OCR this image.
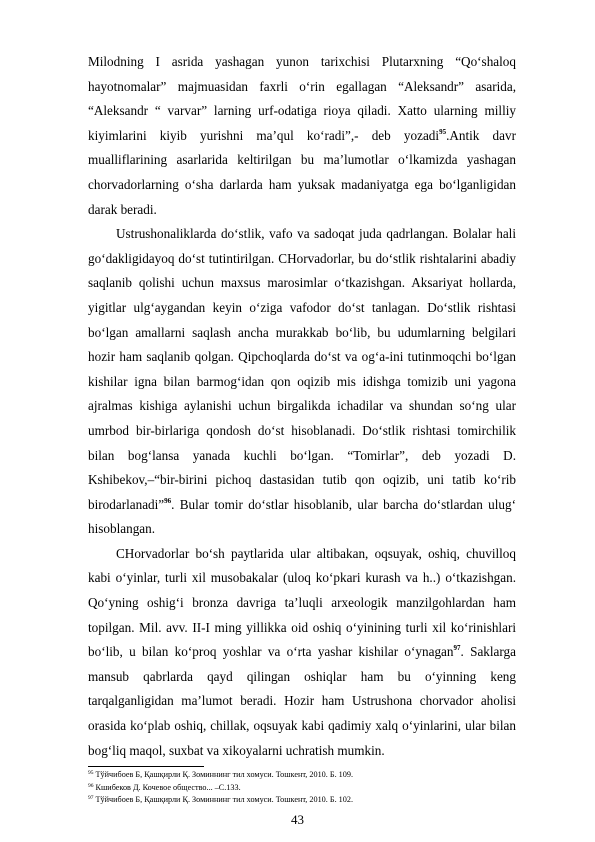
Milodning I asrida yashagan yunon tarixchisi Plutarxning “Qo‘shaloq hayotnomalar” majmuasidan faxrli o‘rin egallagan “Aleksandr” asarida, “Aleksandr “ varvar” larning urf-odatiga rioya qiladi. Xatto ularning milliy kiyimlarini kiyib yurishni ma’qul ko‘radi”,- deb yozadi$^{95}$.Antik davr mualliflarining asarlarida keltirilgan bu ma’lumotlar o‘lkamizda yashagan chorvadorlarning o‘sha darlarda ham yuksak madaniyatga ega bo‘lganligidan darak beradi.

Ustrushonaliklarda do‘stlik, vafo va sadoqat juda qadrlangan. Bolalar hali go‘dakligidayoq do‘st tutintirilgan. CHorvadorlar, bu do‘stlik rishtalarini abadiy saqlanib qolishi uchun maxsus marosimlar o‘tkazishgan. Aksariyat hollarda, yigitlar ulg‘aygandan keyin o‘ziga vafodor do‘st tanlagan. Do‘stlik rishtasi bo‘lgan amallarni saqlash ancha murakkab bo‘lib, bu udumlarning belgilari hozir ham saqlanib qolgan. Qipchoqlarda do‘st va og‘a-ini tutinmoqchi bo‘lgan kishilar igna bilan barmog‘idan qon oqizib mis idishga tomizib uni yagona ajralmas kishiga aylanishi uchun birgalikda ichadilar va shundan so‘ng ular umrbod bir-birlariga qondosh do‘st hisoblanadi. Do‘stlik rishtasi tomirchilik bilan bog‘lansa yanada kuchli bo‘lgan. “Tomirlar”, deb yozadi D. Kshibekov,–“bir-birini pichoq dastasidan tutib qon oqizib, uni tatib ko‘rib birodarlanadi”$^{96}$. Bular tomir do‘stlar hisoblanib, ular barcha do‘stlardan ulug‘ hisoblangan.

CHorvadorlar bo‘sh paytlarida ular altibakan, oqsuyak, oshiq, chuvilloq kabi o‘yinlar, turli xil musobakalar (uloq ko‘pkari kurash va h..) o‘tkazishgan. Qo‘yning oshig‘i bronza davriga ta’luqli arxeologik manzilgohlardan ham topilgan. Mil. avv. II-I ming yillikka oid oshiq o‘yinining turli xil ko‘rinishlari bo‘lib, u bilan ko‘proq yoshlar va o‘rta yashar kishilar o‘ynagan$^{97}$. Saklarga mansub qabrlarda qayd qilingan oshiqlar ham bu o‘yinning keng tarqalganligidan ma’lumot beradi. Hozir ham Ustrushona chorvador aholisi orasida ko‘plab oshiq, chillak, oqsuyak kabi qadimiy xalq o‘yinlarini, ular bilan bog‘liq maqol, suxbat va xikoyalarni uchratish mumkin.

$^{95}$ Тўйчибоев Б, Қашқирли Қ. Зоминнинг тил хомуси. Тошкент, 2010. Б. 109.

$^{96}$ Кшибеков Д. Кочевое общество... –С.133.

$^{97}$ Тўйчибоев Б, Қашқирли Қ. Зоминнинг тил хомуси. Тошкент, 2010. Б. 102.

43
